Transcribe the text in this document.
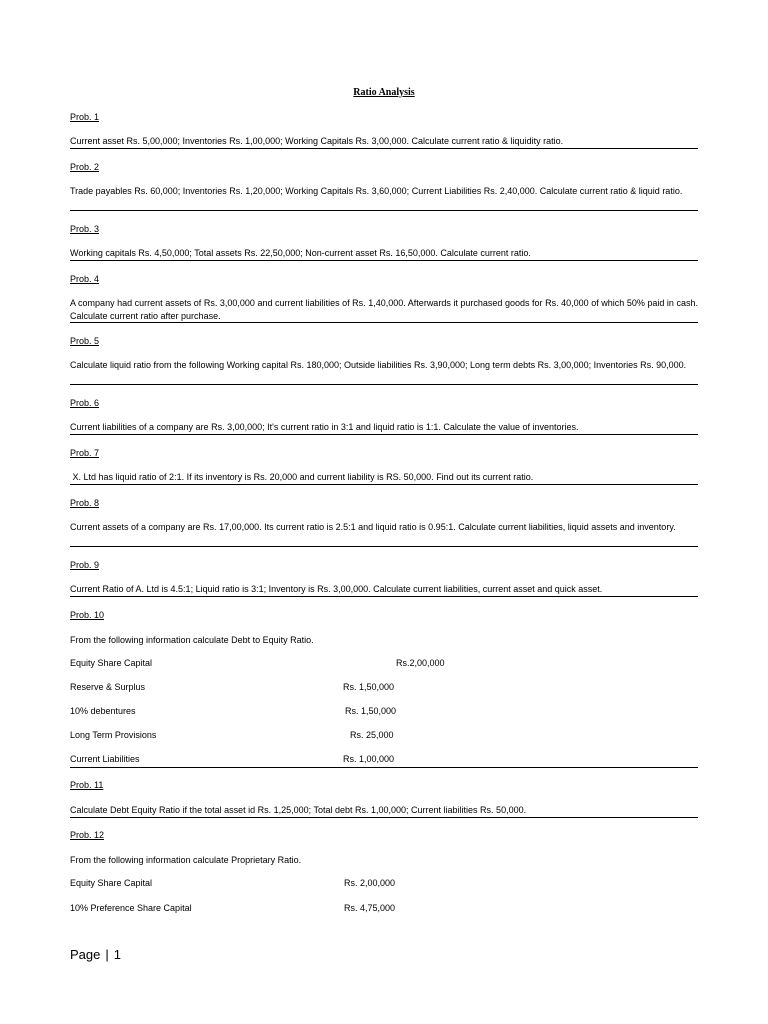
Ratio Analysis
Prob. 1
Current asset Rs. 5,00,000; Inventories Rs. 1,00,000; Working Capitals Rs. 3,00,000. Calculate current ratio & liquidity ratio.
Prob. 2
Trade payables Rs. 60,000; Inventories Rs. 1,20,000; Working Capitals Rs. 3,60,000; Current Liabilities Rs. 2,40,000. Calculate current ratio & liquid ratio.
Prob. 3
Working capitals Rs. 4,50,000; Total assets Rs. 22,50,000; Non-current asset Rs. 16,50,000. Calculate current ratio.
Prob. 4
A company had current assets of Rs. 3,00,000 and current liabilities of Rs. 1,40,000. Afterwards it purchased goods for Rs. 40,000 of which 50% paid in cash. Calculate current ratio after purchase.
Prob. 5
Calculate liquid ratio from the following Working capital Rs. 180,000; Outside liabilities Rs. 3,90,000; Long term debts Rs. 3,00,000; Inventories Rs. 90,000.
Prob. 6
Current liabilities of a company are Rs. 3,00,000; It's current ratio in 3:1 and liquid ratio is 1:1. Calculate the value of inventories.
Prob. 7
X. Ltd has liquid ratio of 2:1. If its inventory is Rs. 20,000 and current liability is RS. 50,000. Find out its current ratio.
Prob. 8
Current assets of a company are Rs. 17,00,000. Its current ratio is 2.5:1 and liquid ratio is 0.95:1. Calculate current liabilities, liquid assets and inventory.
Prob. 9
Current Ratio of A. Ltd is 4.5:1; Liquid ratio is 3:1; Inventory is Rs. 3,00,000. Calculate current liabilities, current asset and quick asset.
Prob. 10
From the following information calculate Debt to Equity Ratio.
Equity Share Capital	Rs.2,00,000
Reserve & Surplus	Rs. 1,50,000
10% debentures	Rs. 1,50,000
Long Term Provisions	Rs. 25,000
Current Liabilities	Rs. 1,00,000
Prob. 11
Calculate Debt Equity Ratio if the total asset id Rs. 1,25,000; Total debt Rs. 1,00,000; Current liabilities Rs. 50,000.
Prob. 12
From the following information calculate Proprietary Ratio.
Equity Share Capital	Rs. 2,00,000
10% Preference Share Capital	Rs. 4,75,000
Page | 1
